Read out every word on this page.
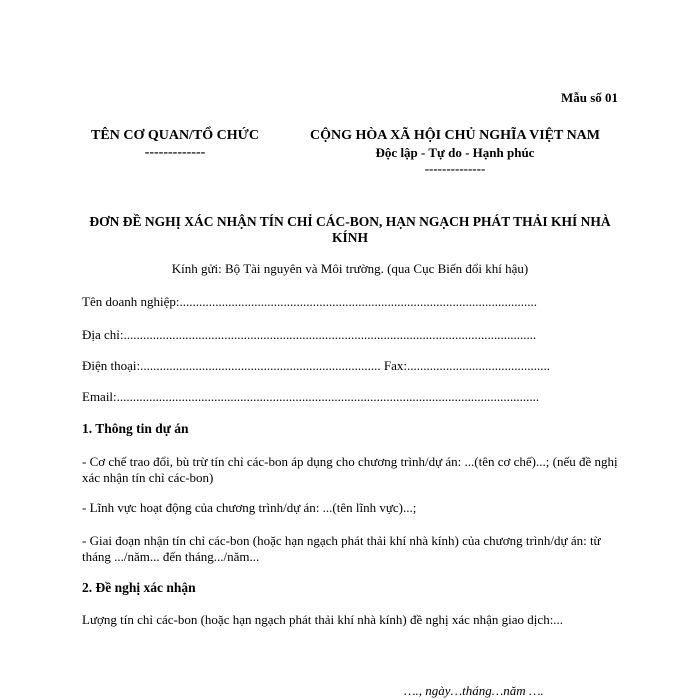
Mẫu số 01
TÊN CƠ QUAN/TỔ CHỨC
-------------
CỘNG HÒA XÃ HỘI CHỦ NGHĨA VIỆT NAM
Độc lập - Tự do - Hạnh phúc
--------------
ĐƠN ĐỀ NGHỊ XÁC NHẬN TÍN CHỈ CÁC-BON, HẠN NGẠCH PHÁT THẢI KHÍ NHÀ KÍNH
Kính gửi: Bộ Tài nguyên và Môi trường. (qua Cục Biến đổi khí hậu)
Tên doanh nghiệp:..............................................................................................................
Địa chỉ:...............................................................................................................................
Điện thoại:.......................................................................... Fax:............................................
Email:..................................................................................................................................
1. Thông tin dự án
- Cơ chế trao đổi, bù trừ tín chỉ các-bon áp dụng cho chương trình/dự án: ...(tên cơ chế)...; (nếu đề nghị xác nhận tín chỉ các-bon)
- Lĩnh vực hoạt động của chương trình/dự án: ...(tên lĩnh vực)...;
- Giai đoạn nhận tín chỉ các-bon (hoặc hạn ngạch phát thải khí nhà kính) của chương trình/dự án: từ tháng .../năm... đến tháng.../năm...
2. Đề nghị xác nhận
Lượng tín chỉ các-bon (hoặc hạn ngạch phát thải khí nhà kính) đề nghị xác nhận giao dịch:...
…., ngày…tháng…năm ….
